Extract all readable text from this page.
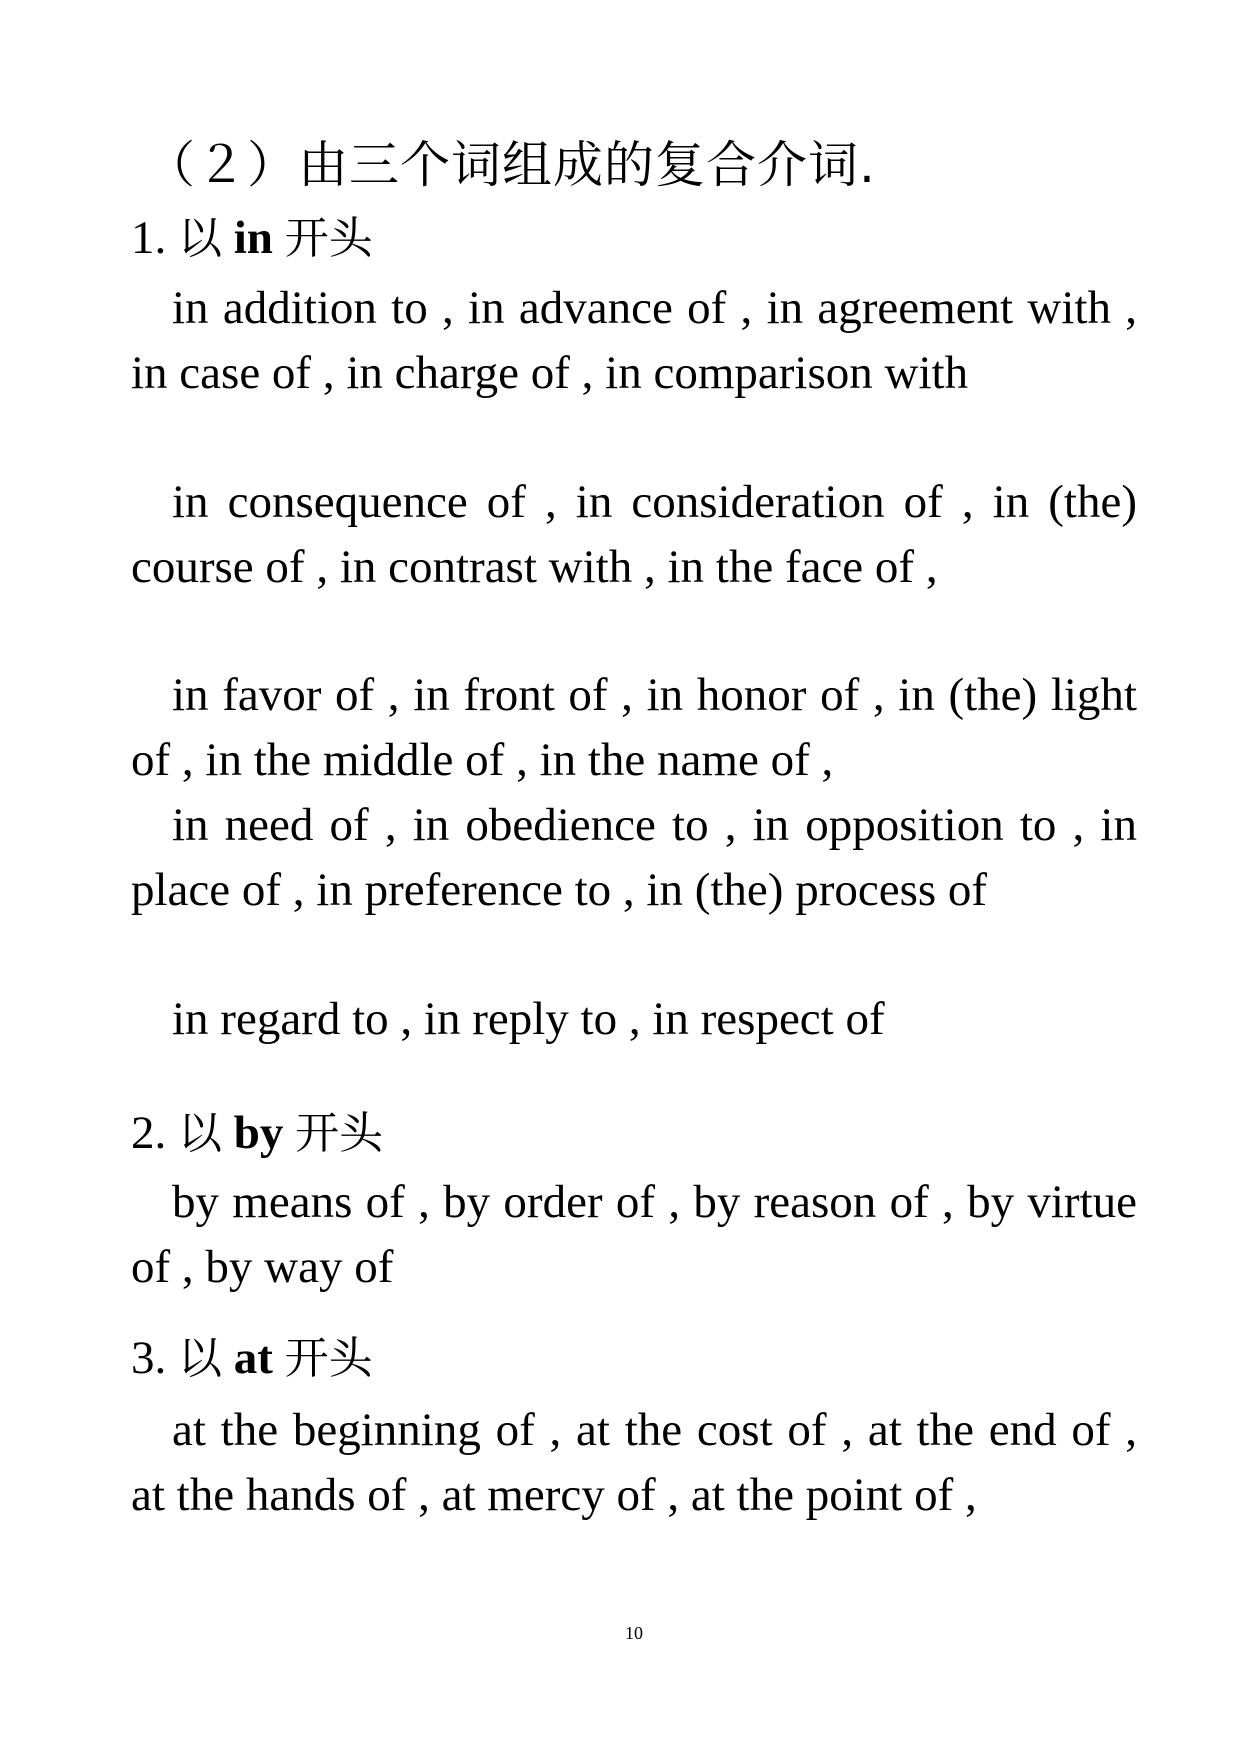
（２）由三个词组成的复合介词.
1. 以 in 开头
in addition to , in advance of , in agreement with , in case of , in charge of , in comparison with
in consequence of , in consideration of , in (the) course of , in contrast with , in the face of ,
in favor of , in front of , in honor of , in (the) light of , in the middle of , in the name of ,
in need of , in obedience to , in opposition to , in place of , in preference to , in (the) process of
in regard to , in reply to , in respect of
2. 以 by 开头
by means of , by order of , by reason of , by virtue of , by way of
3. 以 at 开头
at the beginning of , at the cost of , at the end of , at the hands of , at mercy of , at the point of ,
10
